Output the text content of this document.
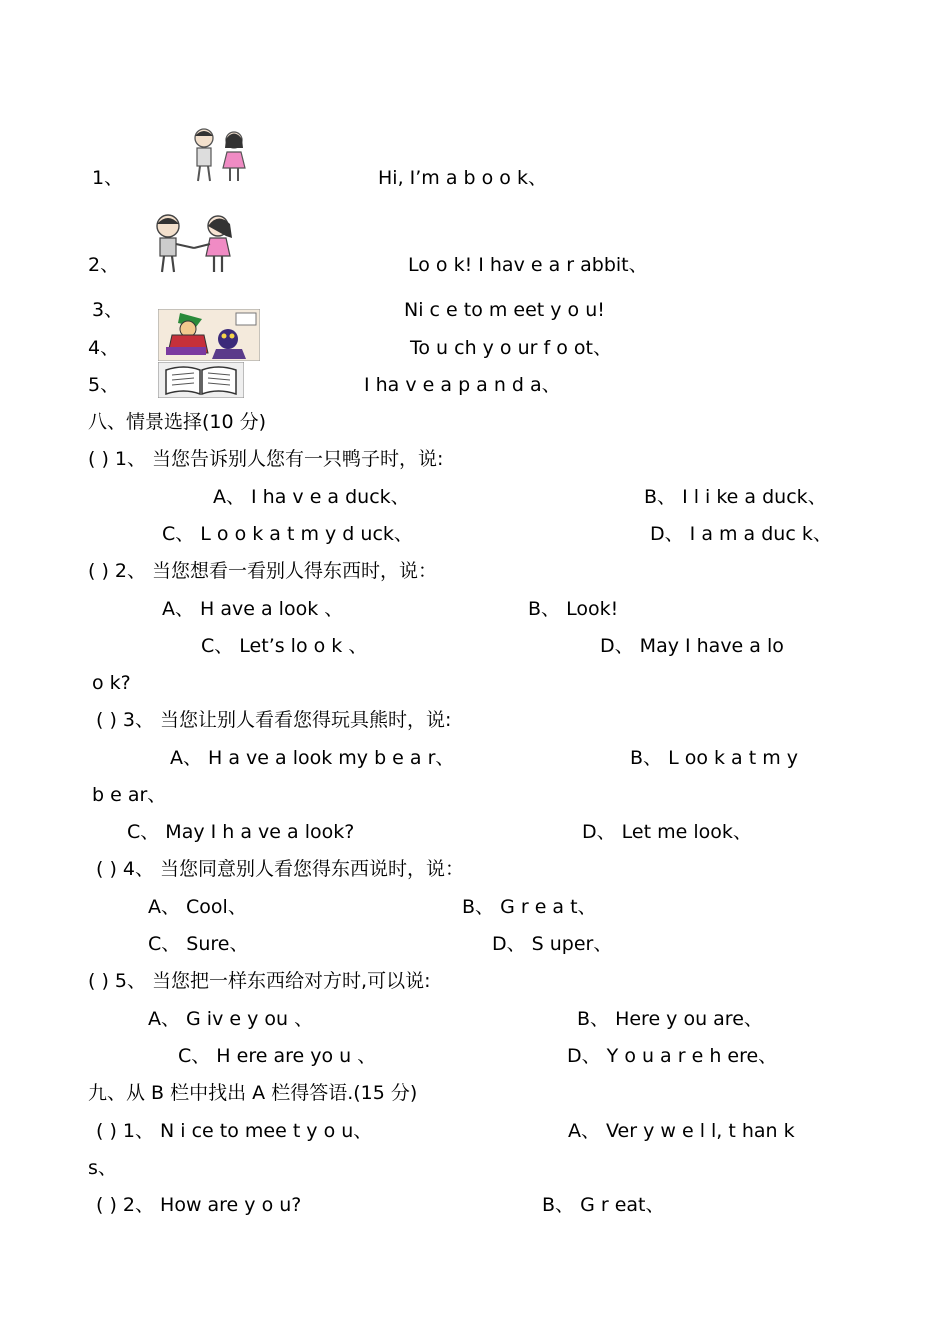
1、	Hi, I’m a b o o k、
2、	Lo o k! I hav e a r abbit、
3、	Ni c e to m eet y o u!
4、	To u ch y o ur f o ot、
5、	I ha v e a p a n d a、
八、情景选择(10 分)
( ) 1、 当您告诉别人您有一只鸭子时，说:
A、 I ha v e a duck、	B、 I l i ke a duck、
C、 L o o k a t m y d uck、	D、 I a m a duc k、
( ) 2、 当您想看一看别人得东西时，说：
A、 H ave a look 、	B、 Look!
C、 Let’s lo o k 、	D、 May I have a lo
o k?
( ) 3、 当您让别人看看您得玩具熊时，说:
A、 H a ve a look my b e a r、	B、 L oo k a t m y
b e ar、
C、 May I h a ve a look?	D、 Let me look、
( ) 4、 当您同意别人看您得东西说时，说：
A、 Cool、	B、 G r e a t、
C、 Sure、	D、 S uper、
( ) 5、 当您把一样东西给对方时,可以说:
A、 G iv e y ou 、	B、 Here y ou are、
C、 H ere are yo u 、	D、 Y o u a r e h ere、
九、从 B 栏中找出 A 栏得答语.(15 分)
( ) 1、 N i ce to mee t y o u、	A、 Ver y w e l l, t han k
s、
( ) 2、 How are y o u?	B、 G r eat、
